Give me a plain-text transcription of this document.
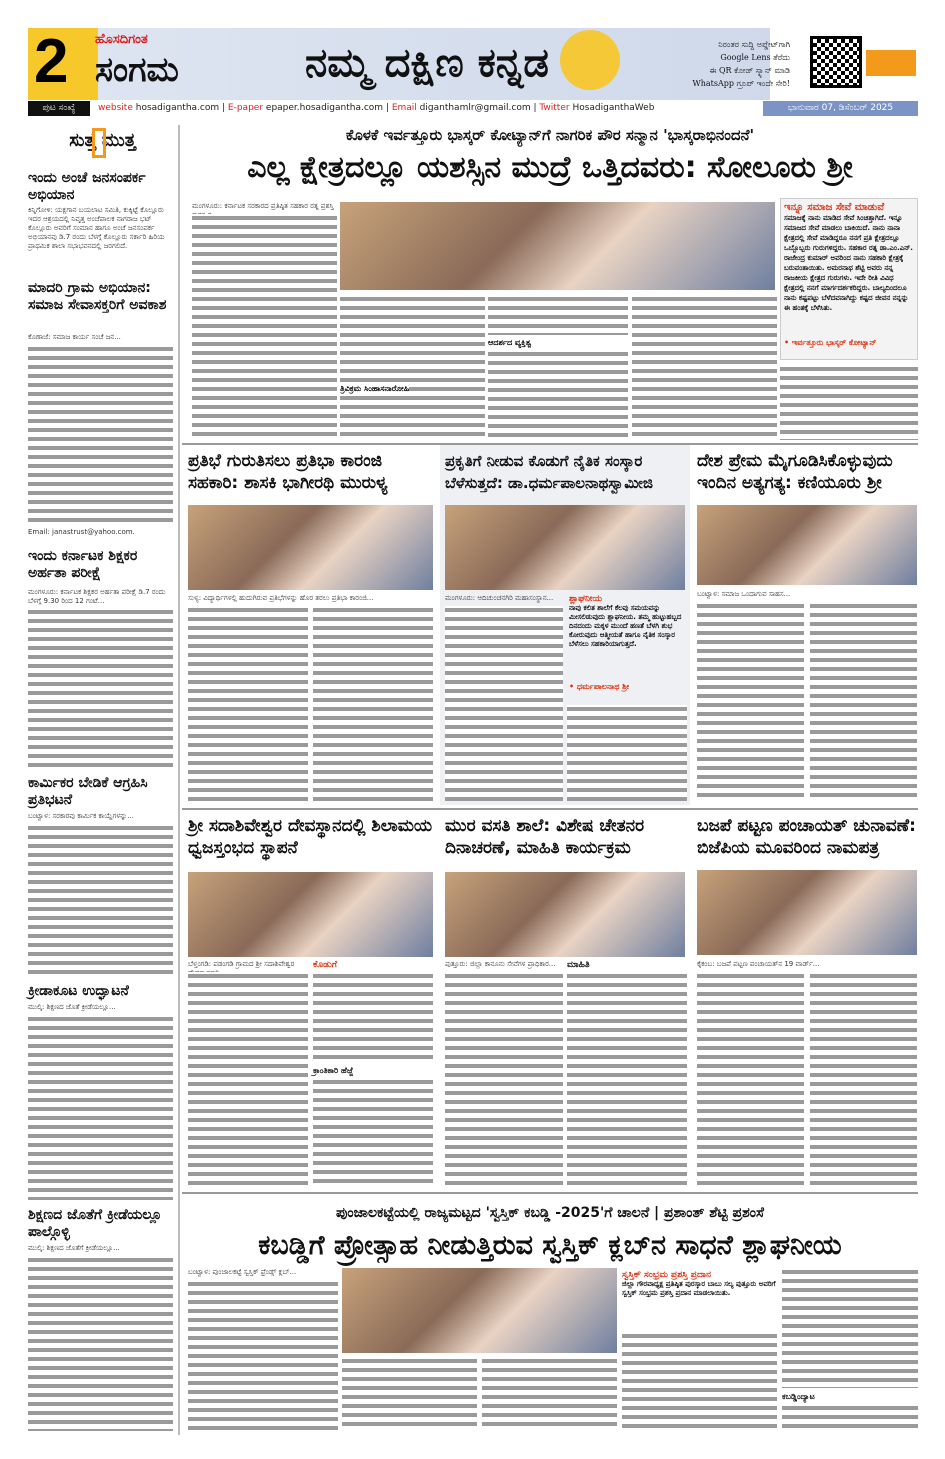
2 ಹೊಸದಿಗಂತ
ಸಂಗಮ	ನಮ್ಮ ದಕ್ಷಿಣ ಕನ್ನಡ	ನಿರಂತರ ಸುದ್ದಿ ಅಪ್ಡೇಟ್‌ಗಾಗಿ
Google Lens ತೆರೆದು
ಈ QR ಕೋಡ್ ಸ್ಕ್ಯಾನ್ ಮಾಡಿ
WhatsApp ಗ್ರೂಪ್ ಇಂದೇ ಸೇರಿ!
ಪುಟ ಸಂಖ್ಯೆ	website hosadigantha.com | E-paper epaper.hosadigantha.com | Email diganthamlr@gmail.com | Twitter HosadiganthaWeb	ಭಾನುವಾರ 07, ಡಿಸೆಂಬರ್ 2025
ಸುತ್ತ ಮುತ್ತ
ಇಂದು ಅಂಚೆ ಜನಸಂಪರ್ಕ ಅಭಿಯಾನ
ಕಿನ್ನಿಗೋಳಿ: ಯಕ್ಷಗಾನ ಬಯಲಾಟ ಸಮಿತಿ, ಕುಕ್ಕಿಟ್ಟೆ ಕೊಲ್ಲೂರು ಇದರ ಆಶ್ರಯದಲ್ಲಿ ನಿವೃತ್ತ ಅಂಚೆಪಾಲಕ ನಾಗರಾಜ ಭಟ್ ಕೊಲ್ಲೂರು ಅವರಿಗೆ ಸಂಮಾನ ಹಾಗೂ ಅಂಚೆ ಜನಸಂಪರ್ಕ ಅಭಿಯಾನವು ಡಿ.7 ರಂದು ಬೆಳಗ್ಗೆ ಕೊಲ್ಲೂರು ಸರ್ಕಾರಿ ಹಿರಿಯ ಪ್ರಾಥಮಿಕ ಶಾಲಾ ಸಭಾಭವನದಲ್ಲಿ ಜರಗಲಿದೆ.
ಮಾದರಿ ಗ್ರಾಮ ಅಭಿಯಾನ: ಸಮಾಜ ಸೇವಾಸಕ್ತರಿಗೆ ಅವಕಾಶ
ಕೊಣಾಜೆ: ಸಮಾಜ ಕಾರ್ಯ ಸಂಚೆ ಜನ...
Email: janastrust@yahoo.com.
ಇಂದು ಕರ್ನಾಟಕ ಶಿಕ್ಷಕರ ಅರ್ಹತಾ ಪರೀಕ್ಷೆ
ಮಂಗಳೂರು: ಕರ್ನಾಟಕ ಶಿಕ್ಷಕರ ಅರ್ಹತಾ ಪರೀಕ್ಷೆ ಡಿ.7 ರಂದು ಬೆಳಗ್ಗೆ 9.30 ರಿಂದ 12 ಗಂಟೆ...
ಕಾರ್ಮಿಕರ ಬೇಡಿಕೆ ಆಗ್ರಹಿಸಿ ಪ್ರತಿಭಟನೆ
ಬಂಟ್ವಾಳ: ಸರಕಾರವು ಕಾರ್ಮಿಕ ಕಾಯ್ದೆಗಳನ್ನು...
ಕ್ರೀಡಾಕೂಟ ಉದ್ಘಾಟನೆ
ಮುಲ್ಕಿ: ಶಿಕ್ಷಣದ ಜೊತೆ ಕ್ರೀಡೆಯಲ್ಲೂ...
ಶಿಕ್ಷಣದ ಜೊತೆಗೆ ಕ್ರೀಡೆಯಲ್ಲೂ ಪಾಲ್ಗೊಳ್ಳಿ
ಮುಲ್ಕಿ: ಶಿಕ್ಷಣದ ಜೊತೆಗೆ ಕ್ರೀಡೆಯಲ್ಲೂ...
ಕೊಳಕೆ ಇರ್ವತ್ತೂರು ಭಾಸ್ಕರ್ ಕೋಟ್ಯಾನ್‌ಗೆ ನಾಗರಿಕ ಪೌರ ಸನ್ಮಾನ 'ಭಾಸ್ಕರಾಭಿನಂದನೆ'
ಎಲ್ಲ ಕ್ಷೇತ್ರದಲ್ಲೂ ಯಶಸ್ಸಿನ ಮುದ್ರೆ ಒತ್ತಿದವರು: ಸೋಲೂರು ಶ್ರೀ
ಮಂಗಳೂರು: ಕರ್ನಾಟಕ ಸರಕಾರದ ಪ್ರತಿಷ್ಠಿತ ಸಹಕಾರ ರತ್ನ ಪ್ರಶಸ್ತಿ
ಆದರ್ಶದ ವ್ಯಕ್ತಿತ್ವ
ತ್ರಿವಿಕ್ರಮ ಸಿಂಹಾಸನಾರೋಹಿ
ಇನ್ನೂ ಸಮಾಜ ಸೇವೆ ಮಾಡುವೆ
ಸಮಾಜಕ್ಕೆ ನಾನು ಮಾಡಿದ ಸೇವೆ ಸಿಂಚಿತ್ತಾಗಿದೆ. ಇನ್ನೂ ಸಮಾಜದ ಸೇವೆ ಮಾಡಲು ಬಾಕಿಯಿದೆ. ನಾನು ನಾನಾ ಕ್ಷೇತ್ರದಲ್ಲಿ ಸೇವೆ ಮಾಡಿದ್ದರೂ ನನಗೆ ಪ್ರತಿ ಕ್ಷೇತ್ರದಲ್ಲೂ ಒಬ್ಬೊಬ್ಬರು ಗುರುಗಳಿದ್ದರು. ಸಹಕಾರ ರತ್ನ ಡಾ.ಎಂ.ಎನ್. ರಾಜೇಂದ್ರ ಕುಮಾರ್ ಅವರಿಂದ ನಾನು ಸಹಕಾರಿ ಕ್ಷೇತ್ರಕ್ಕೆ ಬರುವಂತಾಯಿತು. ಅಮರನಾಥ ಶೆಟ್ಟಿ ಅವರು ನನ್ನ ರಾಜಕೀಯ ಕ್ಷೇತ್ರದ ಗುರುಗಳು. ಇದೇ ರೀತಿ ವಿವಿಧ ಕ್ಷೇತ್ರದಲ್ಲಿ ನನಗೆ ಮಾರ್ಗದರ್ಶಕರಿದ್ದರು. ಬಾಲ್ಯದಿಂದಲೂ ನಾನು ಕಷ್ಟಪಟ್ಟು ಬೆಳೆದವನಾಗಿದ್ದು ಕಷ್ಟದ ಜೀವನ ನನ್ನನ್ನು ಈ ಹಂತಕ್ಕೆ ಬೆಳೆಸಿತು.
• ಇರ್ವತ್ತೂರು ಭಾಸ್ಕರ್ ಕೋಟ್ಯಾನ್
ಪ್ರತಿಭೆ ಗುರುತಿಸಲು ಪ್ರತಿಭಾ ಕಾರಂಜಿ ಸಹಕಾರಿ: ಶಾಸಕಿ ಭಾಗೀರಥಿ ಮುರುಳ್ಯ
ಸುಳ್ಯ: ವಿದ್ಯಾರ್ಥಿಗಳಲ್ಲಿ ಹುದುಗಿರುವ ಪ್ರತಿಭೆಗಳನ್ನು ಹೊರ ತರಲು ಪ್ರತಿಭಾ ಕಾರಂಜಿ...
ಪ್ರಕೃತಿಗೆ ನೀಡುವ ಕೊಡುಗೆ ನೈತಿಕ ಸಂಸ್ಕಾರ ಬೆಳೆಸುತ್ತದೆ: ಡಾ.ಧರ್ಮಪಾಲನಾಥಸ್ವಾಮೀಜಿ
ಮಂಗಳೂರು: ಆದಿಚುಂಚನಗಿರಿ ಮಹಾಸಂಸ್ಥಾನ...	ಶ್ಲಾಘನೀಯ
ನಾವು ಕಲಿತ ಶಾಲೆಗೆ ಕೆಲವು ಸಮಯವನ್ನು ಮೀಸಲಿಡುವುದು ಶ್ಲಾಘನೀಯ. ತಮ್ಮ ಹುಟ್ಟುಹಬ್ಬದ ದಿನದಂದು ಮಕ್ಕಳ ಮುಂದೆ ಹಣತೆ ಬೆಳಗಿ ಶುಭ ಕೋರುವುದು ಆತ್ಮೀಯತೆ ಹಾಗೂ ನೈತಿಕ ಸಂಸ್ಕಾರ ಬೆಳೆಸಲು ಸಹಕಾರಿಯಾಗುತ್ತದೆ.
• ಧರ್ಮಪಾಲನಾಥ ಶ್ರೀ
ದೇಶ ಪ್ರೇಮ ಮೈಗೂಡಿಸಿಕೊಳ್ಳುವುದು ಇಂದಿನ ಅತ್ಯಗತ್ಯ: ಕಣಿಯೂರು ಶ್ರೀ
ಬಂಟ್ವಾಳ: ಸಮಾಜ ಒಂದಾಗುವ ಸಾಹಸ...
ಶ್ರೀ ಸದಾಶಿವೇಶ್ವರ ದೇವಸ್ಥಾನದಲ್ಲಿ ಶಿಲಾಮಯ ಧ್ವಜಸ್ತಂಭದ ಸ್ಥಾಪನೆ
ಬೆಳ್ತಂಗಡಿ: ಪಡಂಗಡಿ ಗ್ರಾಮದ ಶ್ರೀ ಸದಾಶಿವೇಶ್ವರ	ಕೊಡುಗೆ
ಕ್ರಾಂತಿಕಾರಿ ಹೆಜ್ಜೆ
ಮುರ ವಸತಿ ಶಾಲೆ: ವಿಶೇಷ ಚೇತನರ ದಿನಾಚರಣೆ, ಮಾಹಿತಿ ಕಾರ್ಯಕ್ರಮ
ಪುತ್ತೂರು: ಜಿಲ್ಲಾ ಕಾನೂನು ಸೇವೆಗಳ ಪ್ರಾಧಿಕಾರ...	ಮಾಹಿತಿ
ಬಜಪೆ ಪಟ್ಟಣ ಪಂಚಾಯತ್ ಚುನಾವಣೆ: ಬಿಜೆಪಿಯ ಮೂವರಿಂದ ನಾಮಪತ್ರ
ಕೈಕಂಬ: ಬಜಪೆ ಪಟ್ಟಣ ಪಂಚಾಯತ್‌ನ 19 ವಾರ್ಡ್...
ಪುಂಜಾಲಕಟ್ಟೆಯಲ್ಲಿ ರಾಜ್ಯಮಟ್ಟದ 'ಸ್ವಸ್ತಿಕ್ ಕಬಡ್ಡಿ -2025'ಗೆ ಚಾಲನೆ | ಪ್ರಶಾಂತ್ ಶೆಟ್ಟಿ ಪ್ರಶಂಸೆ
ಕಬಡ್ಡಿಗೆ ಪ್ರೋತ್ಸಾಹ ನೀಡುತ್ತಿರುವ ಸ್ವಸ್ತಿಕ್ ಕ್ಲಬ್‌ನ ಸಾಧನೆ ಶ್ಲಾಘನೀಯ
ಬಂಟ್ವಾಳ: ಪುಂಜಾಲಕಟ್ಟೆ ಸ್ವಸ್ತಿಕ್ ಫ್ರೆಂಡ್ಸ್ ಕ್ಲಬ್...	ಸ್ವಸ್ತಿಕ್ ಸಂಭ್ರಮ ಪ್ರಶಸ್ತಿ ಪ್ರದಾನ
ಜಿಲ್ಲಾ ಗೌರವಾಧ್ಯಕ್ಷ ಪ್ರತಿಷ್ಠಿತ ಪುರಸ್ಕಾರ ಬಾಬು ಸಲ್ಯ ಪುತ್ತೂರು ಅವರಿಗೆ ಸ್ವಸ್ತಿಕ್ ಸಂಭ್ರಮ ಪ್ರಶಸ್ತಿ ಪ್ರದಾನ ಮಾಡಲಾಯಿತು.
ಕಬಡ್ಡಿಂದ್ಯಾಟ
